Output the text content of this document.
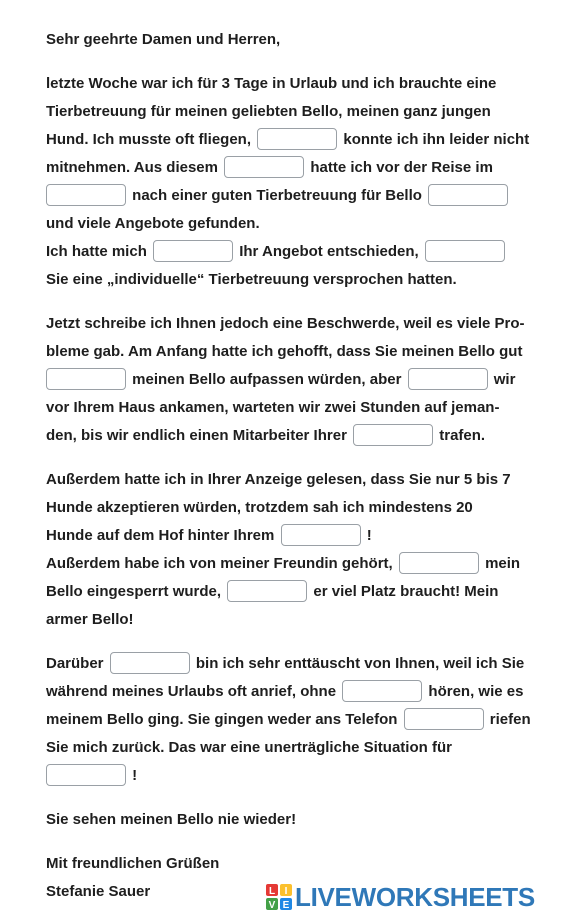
Sehr geehrte Damen und Herren,
letzte Woche war ich für 3 Tage in Urlaub und ich brauchte eine
Tierbetreuung für meinen geliebten Bello, meinen ganz jungen
Hund. Ich musste oft fliegen,	konnte ich ihn leider nicht
mitnehmen. Aus diesem	hatte ich vor der Reise im
nach einer guten Tierbetreuung für Bello
und viele Angebote gefunden.
Ich hatte mich	Ihr Angebot entschieden,
Sie eine „individuelle“ Tierbetreuung versprochen hatten.
Jetzt schreibe ich Ihnen jedoch eine Beschwerde, weil es viele Pro-
bleme gab. Am Anfang hatte ich gehofft, dass Sie meinen Bello gut
meinen Bello aufpassen würden, aber	wir
vor Ihrem Haus ankamen, warteten wir zwei Stunden auf jeman-
den, bis wir endlich einen Mitarbeiter Ihrer	trafen.
Außerdem hatte ich in Ihrer Anzeige gelesen, dass Sie nur 5 bis 7
Hunde akzeptieren würden, trotzdem sah ich mindestens 20
Hunde auf dem Hof hinter Ihrem	!
Außerdem habe ich von meiner Freundin gehört,	mein
Bello eingesperrt wurde,	er viel Platz braucht! Mein
armer Bello!
Darüber	bin ich sehr enttäuscht von Ihnen, weil ich Sie
während meines Urlaubs oft anrief, ohne	hören, wie es
meinem Bello ging. Sie gingen weder ans Telefon	riefen
Sie mich zurück. Das war eine unerträgliche Situation für
!
Sie sehen meinen Bello nie wieder!
Mit freundlichen Grüßen
Stefanie Sauer	L I
V E LIVEWORKSHEETS
